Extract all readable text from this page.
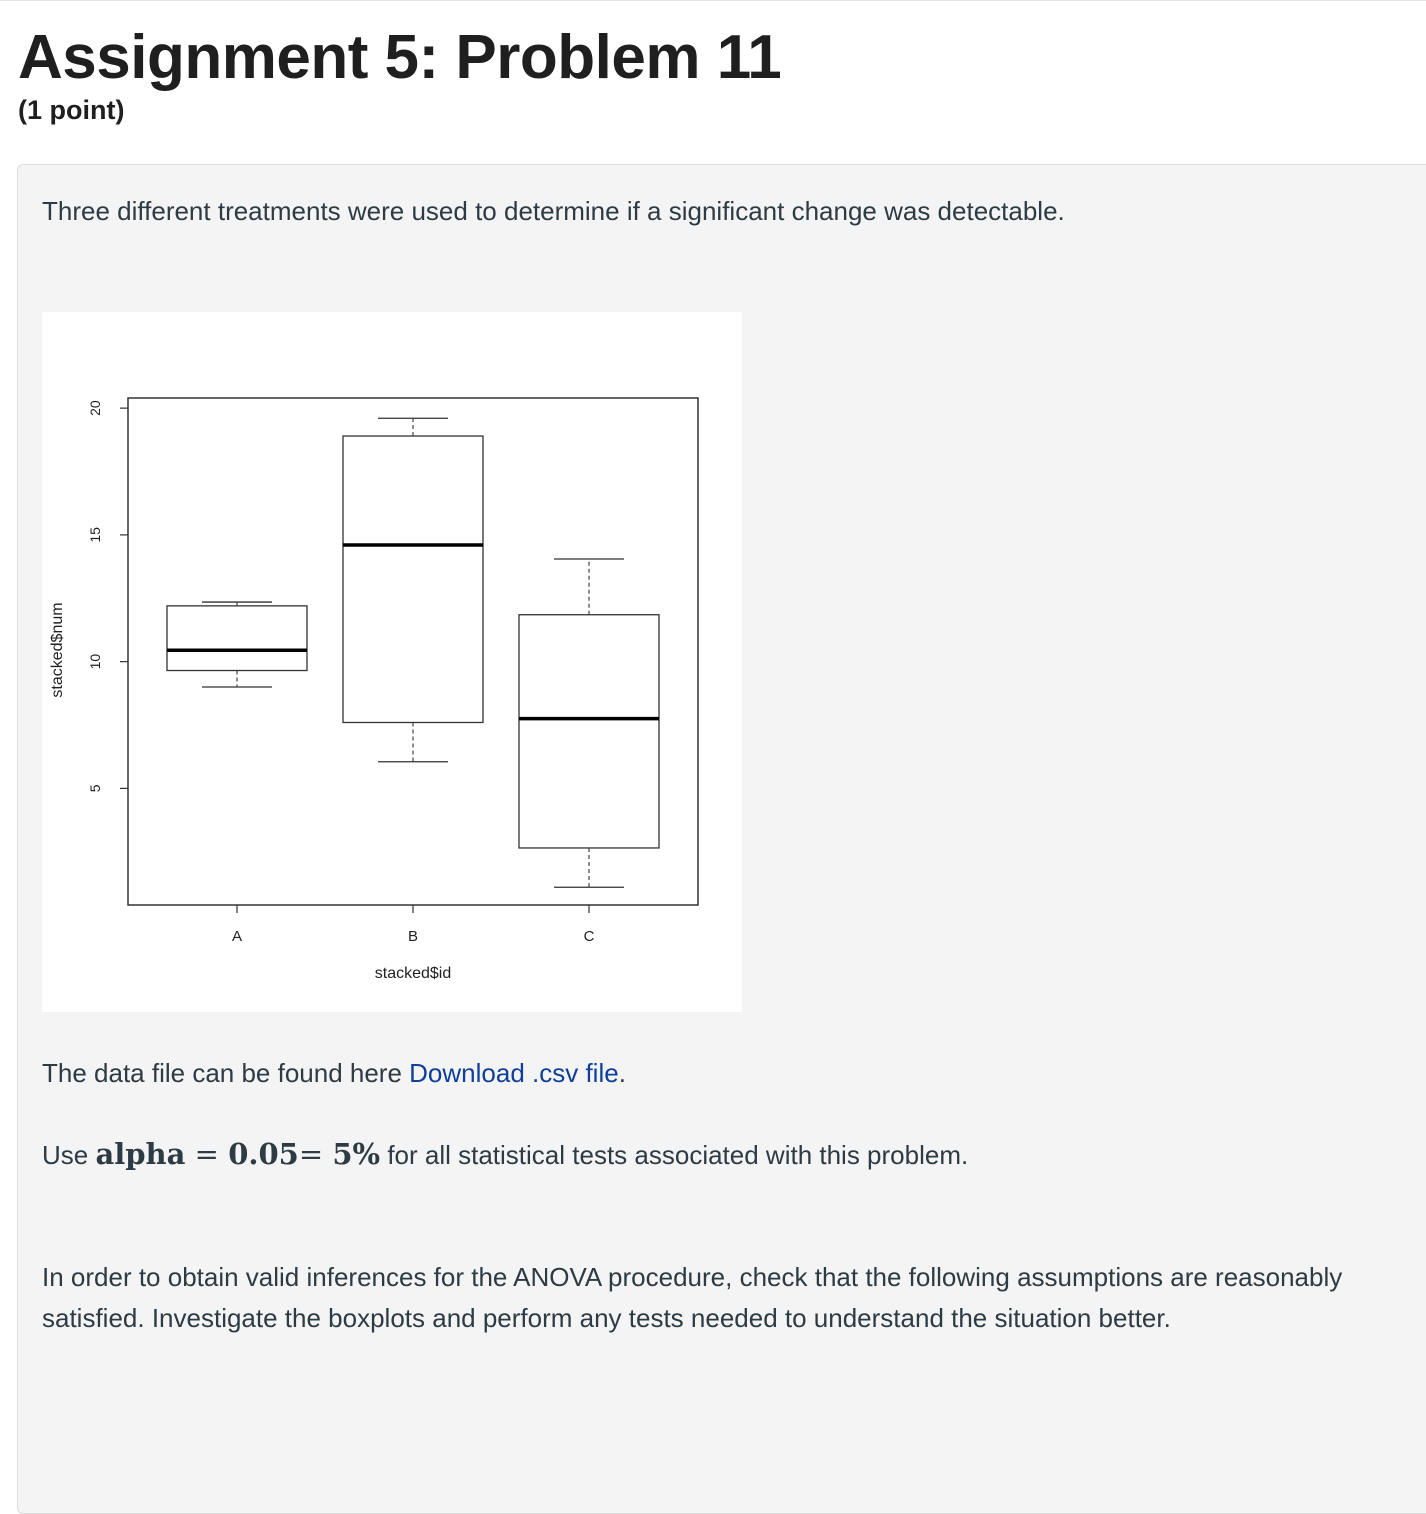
Assignment 5: Problem 11

(1 point)

Three different treatments were used to determine if a significant change was detectable.

5
10
15
20
A	B	C
stacked$id
stacked$num

The data file can be found here Download .csv file.

Use alpha = 0.05= 5% for all statistical tests associated with this problem.

In order to obtain valid inferences for the ANOVA procedure, check that the following assumptions are reasonably satisfied. Investigate the boxplots and perform any tests needed to understand the situation better.
